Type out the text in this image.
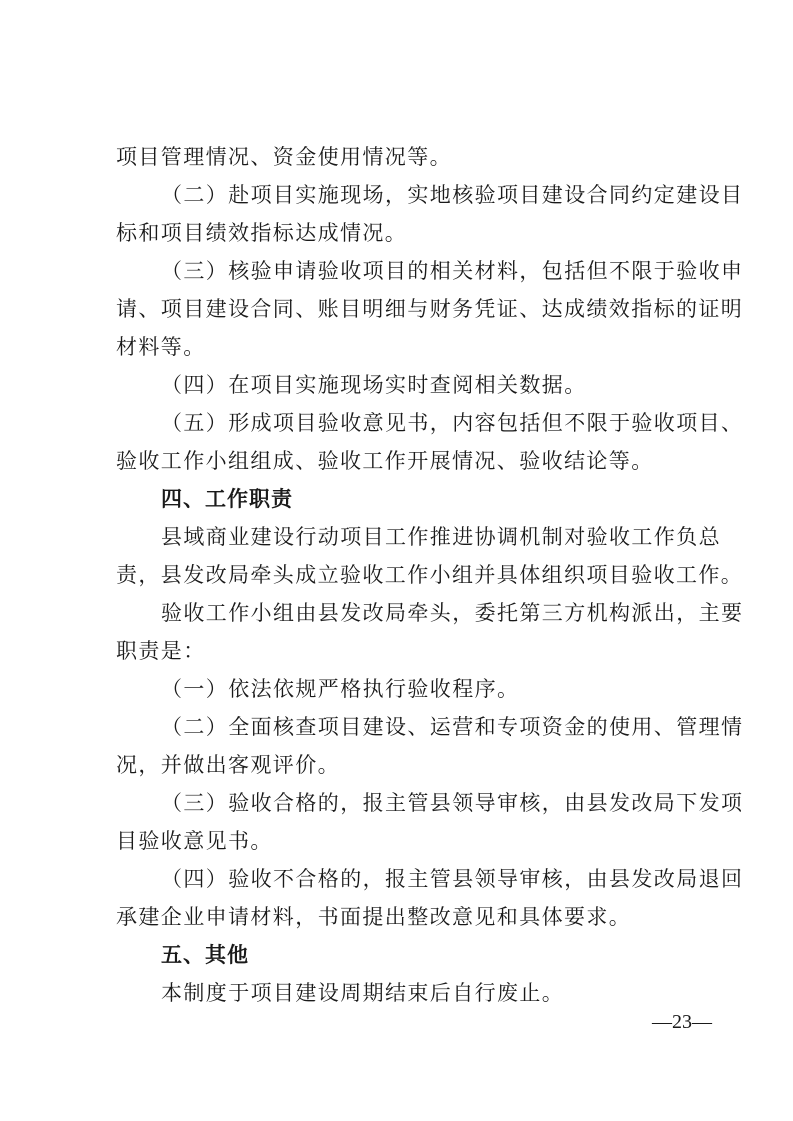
项目管理情况、资金使用情况等。
（二）赴项目实施现场，实地核验项目建设合同约定建设目
标和项目绩效指标达成情况。
（三）核验申请验收项目的相关材料，包括但不限于验收申
请、项目建设合同、账目明细与财务凭证、达成绩效指标的证明
材料等。
（四）在项目实施现场实时查阅相关数据。
（五）形成项目验收意见书，内容包括但不限于验收项目、
验收工作小组组成、验收工作开展情况、验收结论等。
四、工作职责
县域商业建设行动项目工作推进协调机制对验收工作负总
责，县发改局牵头成立验收工作小组并具体组织项目验收工作。
验收工作小组由县发改局牵头，委托第三方机构派出，主要
职责是：
（一）依法依规严格执行验收程序。
（二）全面核查项目建设、运营和专项资金的使用、管理情
况，并做出客观评价。
（三）验收合格的，报主管县领导审核，由县发改局下发项
目验收意见书。
（四）验收不合格的，报主管县领导审核，由县发改局退回
承建企业申请材料，书面提出整改意见和具体要求。
五、其他
本制度于项目建设周期结束后自行废止。
—23—
